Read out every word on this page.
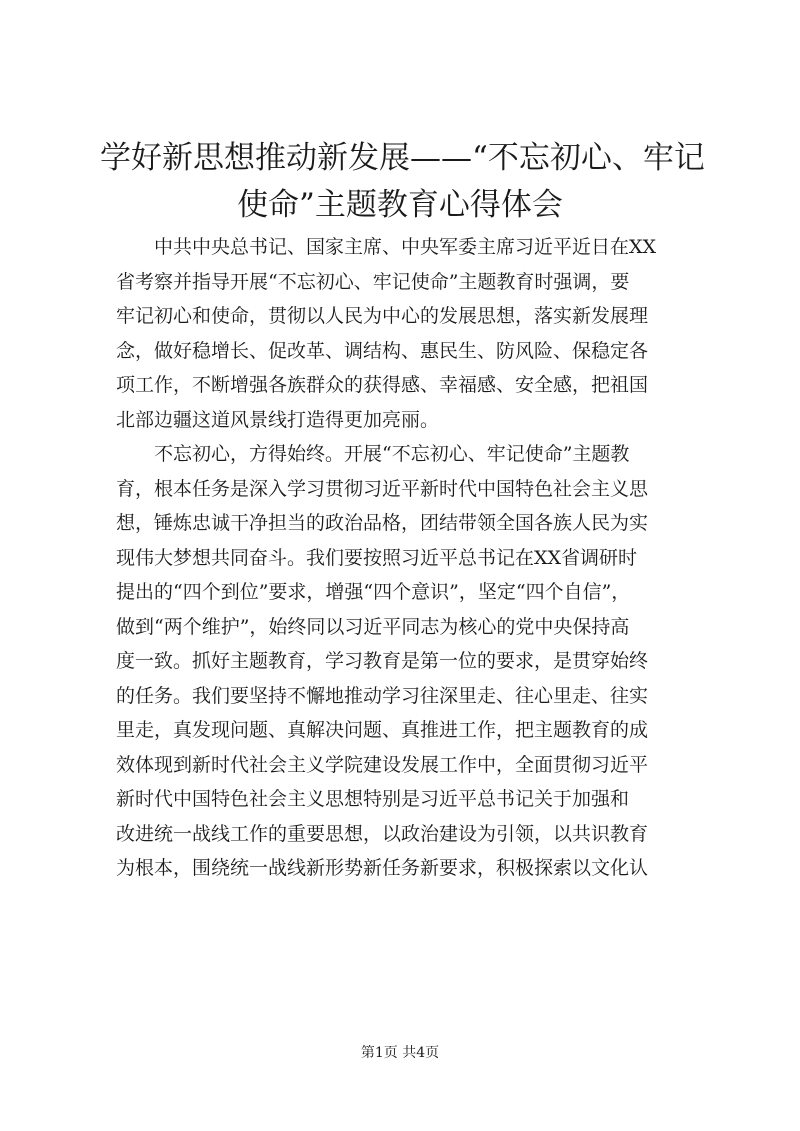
学好新思想推动新发展——“不忘初心、牢记
使命”主题教育心得体会

中共中央总书记、国家主席、中央军委主席习近平近日在XX
省考察并指导开展“不忘初心、牢记使命”主题教育时强调，要
牢记初心和使命，贯彻以人民为中心的发展思想，落实新发展理
念，做好稳增长、促改革、调结构、惠民生、防风险、保稳定各
项工作，不断增强各族群众的获得感、幸福感、安全感，把祖国
北部边疆这道风景线打造得更加亮丽。

不忘初心，方得始终。开展“不忘初心、牢记使命”主题教
育，根本任务是深入学习贯彻习近平新时代中国特色社会主义思
想，锤炼忠诚干净担当的政治品格，团结带领全国各族人民为实
现伟大梦想共同奋斗。我们要按照习近平总书记在XX省调研时
提出的“四个到位”要求，增强“四个意识”，坚定“四个自信”，
做到“两个维护”，始终同以习近平同志为核心的党中央保持高
度一致。抓好主题教育，学习教育是第一位的要求，是贯穿始终
的任务。我们要坚持不懈地推动学习往深里走、往心里走、往实
里走，真发现问题、真解决问题、真推进工作，把主题教育的成
效体现到新时代社会主义学院建设发展工作中，全面贯彻习近平
新时代中国特色社会主义思想特别是习近平总书记关于加强和
改进统一战线工作的重要思想，以政治建设为引领，以共识教育
为根本，围绕统一战线新形势新任务新要求，积极探索以文化认

第1页 共4页
